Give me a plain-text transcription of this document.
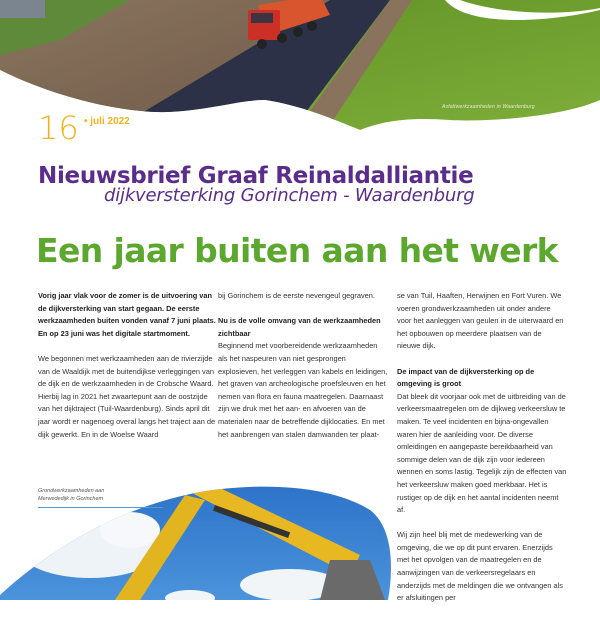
Asfaltwerkzaamheden in Waardenburg
16 • juli 2022
Nieuwsbrief Graaf Reinaldalliantie
dijkversterking Gorinchem - Waardenburg
Een jaar buiten aan het werk

Vorig jaar vlak voor de zomer is de uitvoering van de dijkversterking van start gegaan. De eerste werkzaamheden buiten vonden vanaf 7 juni plaats. En op 23 juni was het digitale startmoment.

We begonnen met werkzaamheden aan de rivierzijde van de Waaldijk met de buitendijkse verleggingen van de dijk en de werkzaamheden in de Crobsche Waard. Hierbij lag in 2021 het zwaartepunt aan de oostzijde van het dijktraject (Tuil-Waardenburg). Sinds april dit jaar wordt er nagenoeg overal langs het traject aan de dijk gewerkt. En in de Woelse Waard

bij Gorinchem is de eerste nevengeul gegraven.

Nu is de volle omvang van de werkzaamheden zichtbaar

Beginnend met voorbereidende werkzaamheden als het naspeuren van niet gesprongen explosieven, het verleggen van kabels en leidingen, het graven van archeologische proefsleuven en het nemen van flora en fauna maatregelen. Daarnaast zijn we druk met het aan- en afvoeren van de materialen naar de betreffende dijklocaties. En met het aanbrengen van stalen damwanden ter plaat-

se van Tuil, Haaften, Herwijnen en Fort Vuren. We voeren grondwerkzaamheden uit onder andere voor het aanleggen van geulen in de uiterwaard en het opbouwen op meerdere plaatsen van de nieuwe dijk.

De impact van de dijkversterking op de omgeving is groot

Dat bleek dit voorjaar ook met de uitbreiding van de verkeersmaatregelen om de dijkweg verkeersluw te maken. Te veel incidenten en bijna-ongevallen waren hier de aanleiding voor. De diverse omleidingen en aangepaste bereikbaarheid van sommige delen van de dijk zijn voor iedereen wennen en soms lastig. Tegelijk zijn de effecten van het verkeersluw maken goed merkbaar. Het is rustiger op de dijk en het aantal incidenten neemt af.

Wij zijn heel blij met de medewerking van de omgeving, die we op dit punt ervaren. Enerzijds met het opvolgen van de maatregelen en de aanwijzingen van de verkeersregelaars en anderzijds met de meldingen die we ontvangen als er afsluitingen per

Grondwerkzaamheden aan Merwededijk in Gorinchem
